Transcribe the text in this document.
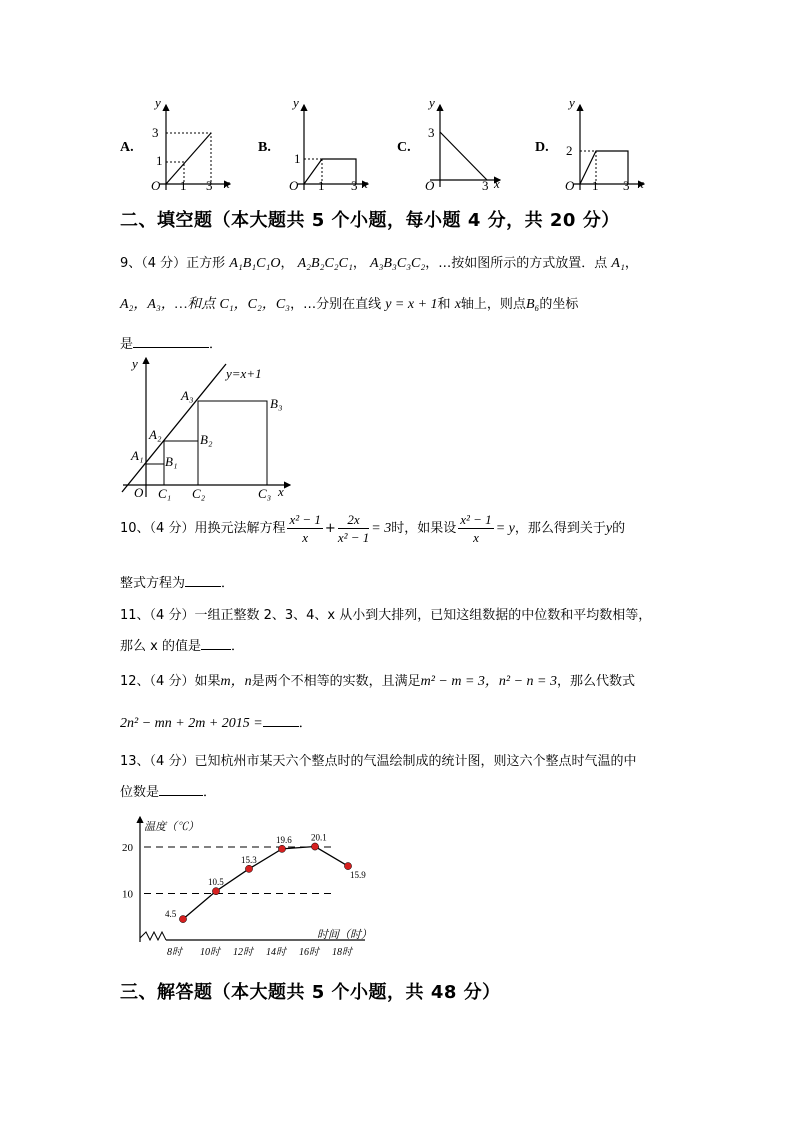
A.	B.	C.	D.
y
x
O
3
1
1 3
y
x
O
1
1 3
y
x
O
3
3
y
x
O
2
1 3
二、填空题（本大题共 5 个小题，每小题 4 分，共 20 分）
9、（4 分）正方形 A₁B₁C₁O， A₂B₂C₂C₁， A₃B₃C₃C₂，…按如图所示的方式放置．点 A₁，
A₂，A₃，…和点 C₁，C₂，C₃，…分别在直线 y = x + 1和 x轴上，则点B₆的坐标
是	．
y
x
y=x+1
O
A₁
A₂
A₃
B₁
B₂
B₃
C₁ C₂	C₃
10、（4 分）用换元法解方程 $\frac{\text{x² − 1}}{x} + \frac{2x}{\text{x² − 1}} = 3$时，如果设 $\frac{\text{x² − 1}}{x} = y$，那么得到关于y的
整式方程为	．
11、（4 分）一组正整数 2、3、4、x 从小到大排列，已知这组数据的中位数和平均数相等，
那么 x 的值是 ．
12、（4 分）如果m，n是两个不相等的实数，且满足m² − m = 3，n² − n = 3，那么代数式
2n² − mn + 2m + 2015 =	．
13、（4 分）已知杭州市某天六个整点时的气温绘制成的统计图，则这六个整点时气温的中
位数是	．
温度（℃）
时间（时）
20
10
4.5
10.5
15.3
19.6 20.1
15.9
8时 10时 12时 14时 16时 18时
三、解答题（本大题共 5 个小题，共 48 分）
